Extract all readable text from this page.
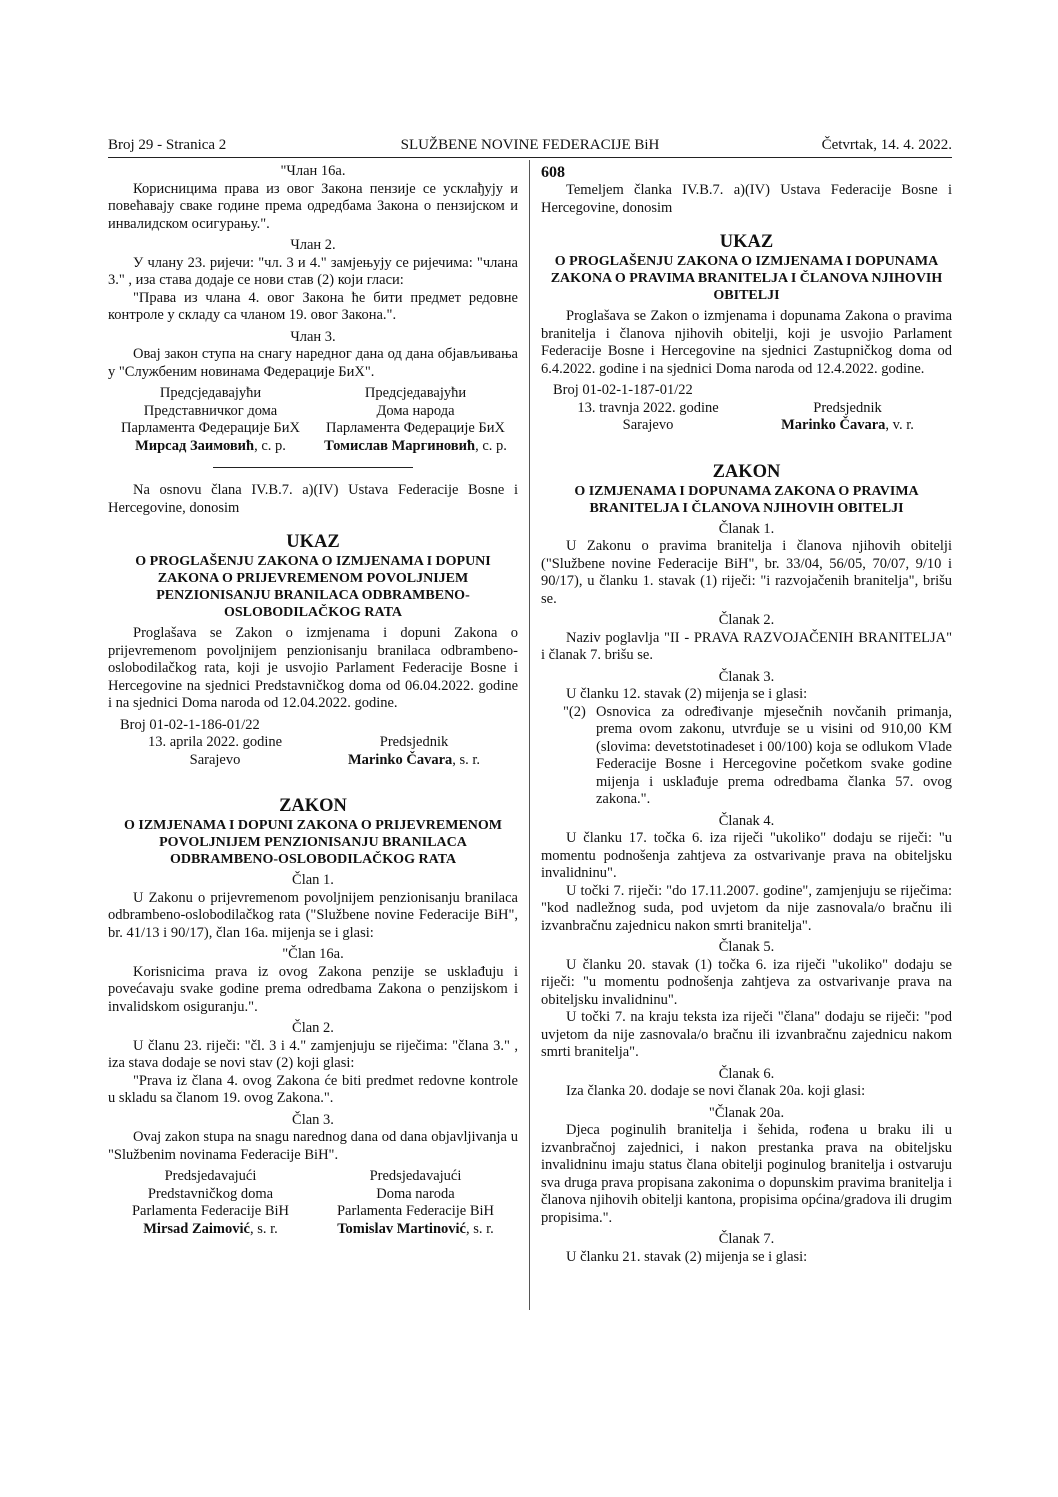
Broj 29 - Stranica 2	SLUŽBENE NOVINE FEDERACIJE BiH	Četvrtak, 14. 4. 2022.

"Члан 16а.

Корисницима права из овог Закона пензије се усклађују и повећавају сваке године према одредбама Закона о пензијском и инвалидском осигурању.".

Члан 2.

У члану 23. ријечи: "чл. 3 и 4." замјењују се ријечима: "члана 3." , иза става додаје се нови став (2) који гласи:

"Права из члана 4. овог Закона ће бити предмет редовне контроле у складу са чланом 19. овог Закона.".

Члан 3.

Овај закон ступа на снагу наредног дана од дана објављивања у "Службеним новинама Федерације БиХ".

Предсједавајући
Представничког дома
Парламента Федерације БиХ
Мирсад Заимовић, с. р.
Предсједавајући
Дома народа
Парламента Федерације БиХ
Томислав Маргиновић, с. р.

Na osnovu člana IV.B.7. a)(IV) Ustava Federacije Bosne i Hercegovine, donosim

UKAZ

O PROGLAŠENJU ZAKONA O IZMJENAMA I DOPUNI ZAKONA O PRIJEVREMENOM POVOLJNIJEM PENZIONISANJU BRANILACA ODBRAMBENO-OSLOBODILAČKOG RATA

Proglašava se Zakon o izmjenama i dopuni Zakona o prijevremenom povoljnijem penzionisanju branilaca odbrambeno-oslobodilačkog rata, koji je usvojio Parlament Federacije Bosne i Hercegovine na sjednici Predstavničkog doma od 06.04.2022. godine i na sjednici Doma naroda od 12.04.2022. godine.

Broj 01-02-1-186-01/22
13. aprila 2022. godine
Sarajevo

Predsjednik
Marinko Čavara, s. r.

ZAKON

O IZMJENAMA I DOPUNI ZAKONA O PRIJEVREMENOM POVOLJNIJEM PENZIONISANJU BRANILACA ODBRAMBENO-OSLOBODILAČKOG RATA

Član 1.

U Zakonu o prijevremenom povoljnijem penzionisanju branilaca odbrambeno-oslobodilačkog rata ("Službene novine Federacije BiH", br. 41/13 i 90/17), član 16a. mijenja se i glasi:

"Član 16a.

Korisnicima prava iz ovog Zakona penzije se usklađuju i povećavaju svake godine prema odredbama Zakona o penzijskom i invalidskom osiguranju.".

Član 2.

U članu 23. riječi: "čl. 3 i 4." zamjenjuju se riječima: "člana 3." , iza stava dodaje se novi stav (2) koji glasi:

"Prava iz člana 4. ovog Zakona će biti predmet redovne kontrole u skladu sa članom 19. ovog Zakona.".

Član 3.

Ovaj zakon stupa na snagu narednog dana od dana objavljivanja u "Službenim novinama Federacije BiH".

Predsjedavajući
Predstavničkog doma
Parlamenta Federacije BiH
Mirsad Zaimović, s. r.
Predsjedavajući
Doma naroda
Parlamenta Federacije BiH
Tomislav Martinović, s. r.

608

Temeljem članka IV.B.7. a)(IV) Ustava Federacije Bosne i Hercegovine, donosim

UKAZ

O PROGLAŠENJU ZAKONA O IZMJENAMA I DOPUNAMA ZAKONA O PRAVIMA BRANITELJA I ČLANOVA NJIHOVIH OBITELJI

Proglašava se Zakon o izmjenama i dopunama Zakona o pravima branitelja i članova njihovih obitelji, koji je usvojio Parlament Federacije Bosne i Hercegovine na sjednici Zastupničkog doma od 6.4.2022. godine i na sjednici Doma naroda od 12.4.2022. godine.

Broj 01-02-1-187-01/22
13. travnja 2022. godine
Sarajevo

Predsjednik
Marinko Čavara, v. r.

ZAKON

O IZMJENAMA I DOPUNAMA ZAKONA O PRAVIMA BRANITELJA I ČLANOVA NJIHOVIH OBITELJI

Članak 1.

U Zakonu o pravima branitelja i članova njihovih obitelji ("Službene novine Federacije BiH", br. 33/04, 56/05, 70/07, 9/10 i 90/17), u članku 1. stavak (1) riječi: "i razvojačenih branitelja", brišu se.

Članak 2.

Naziv poglavlja "II - PRAVA RAZVOJAČENIH BRANITELJA" i članak 7. brišu se.

Članak 3.

U članku 12. stavak (2) mijenja se i glasi:

"(2) Osnovica za određivanje mjesečnih novčanih primanja, prema ovom zakonu, utvrđuje se u visini od 910,00 KM (slovima: devetstotinadeset i 00/100) koja se odlukom Vlade Federacije Bosne i Hercegovine početkom svake godine mijenja i usklađuje prema odredbama članka 57. ovog zakona.".

Članak 4.

U članku 17. točka 6. iza riječi "ukoliko" dodaju se riječi: "u momentu podnošenja zahtjeva za ostvarivanje prava na obiteljsku invalidninu".

U točki 7. riječi: "do 17.11.2007. godine", zamjenjuju se riječima: "kod nadležnog suda, pod uvjetom da nije zasnovala/o bračnu ili izvanbračnu zajednicu nakon smrti branitelja".

Članak 5.

U članku 20. stavak (1) točka 6. iza riječi "ukoliko" dodaju se riječi: "u momentu podnošenja zahtjeva za ostvarivanje prava na obiteljsku invalidninu".

U točki 7. na kraju teksta iza riječi "člana" dodaju se riječi: "pod uvjetom da nije zasnovala/o bračnu ili izvanbračnu zajednicu nakom smrti branitelja".

Članak 6.

Iza članka 20. dodaje se novi članak 20a. koji glasi:

"Članak 20a.

Djeca poginulih branitelja i šehida, rođena u braku ili u izvanbračnoj zajednici, i nakon prestanka prava na obiteljsku invalidninu imaju status člana obitelji poginulog branitelja i ostvaruju sva druga prava propisana zakonima o dopunskim pravima branitelja i članova njihovih obitelji kantona, propisima općina/gradova ili drugim propisima.".

Članak 7.

U članku 21. stavak (2) mijenja se i glasi:
